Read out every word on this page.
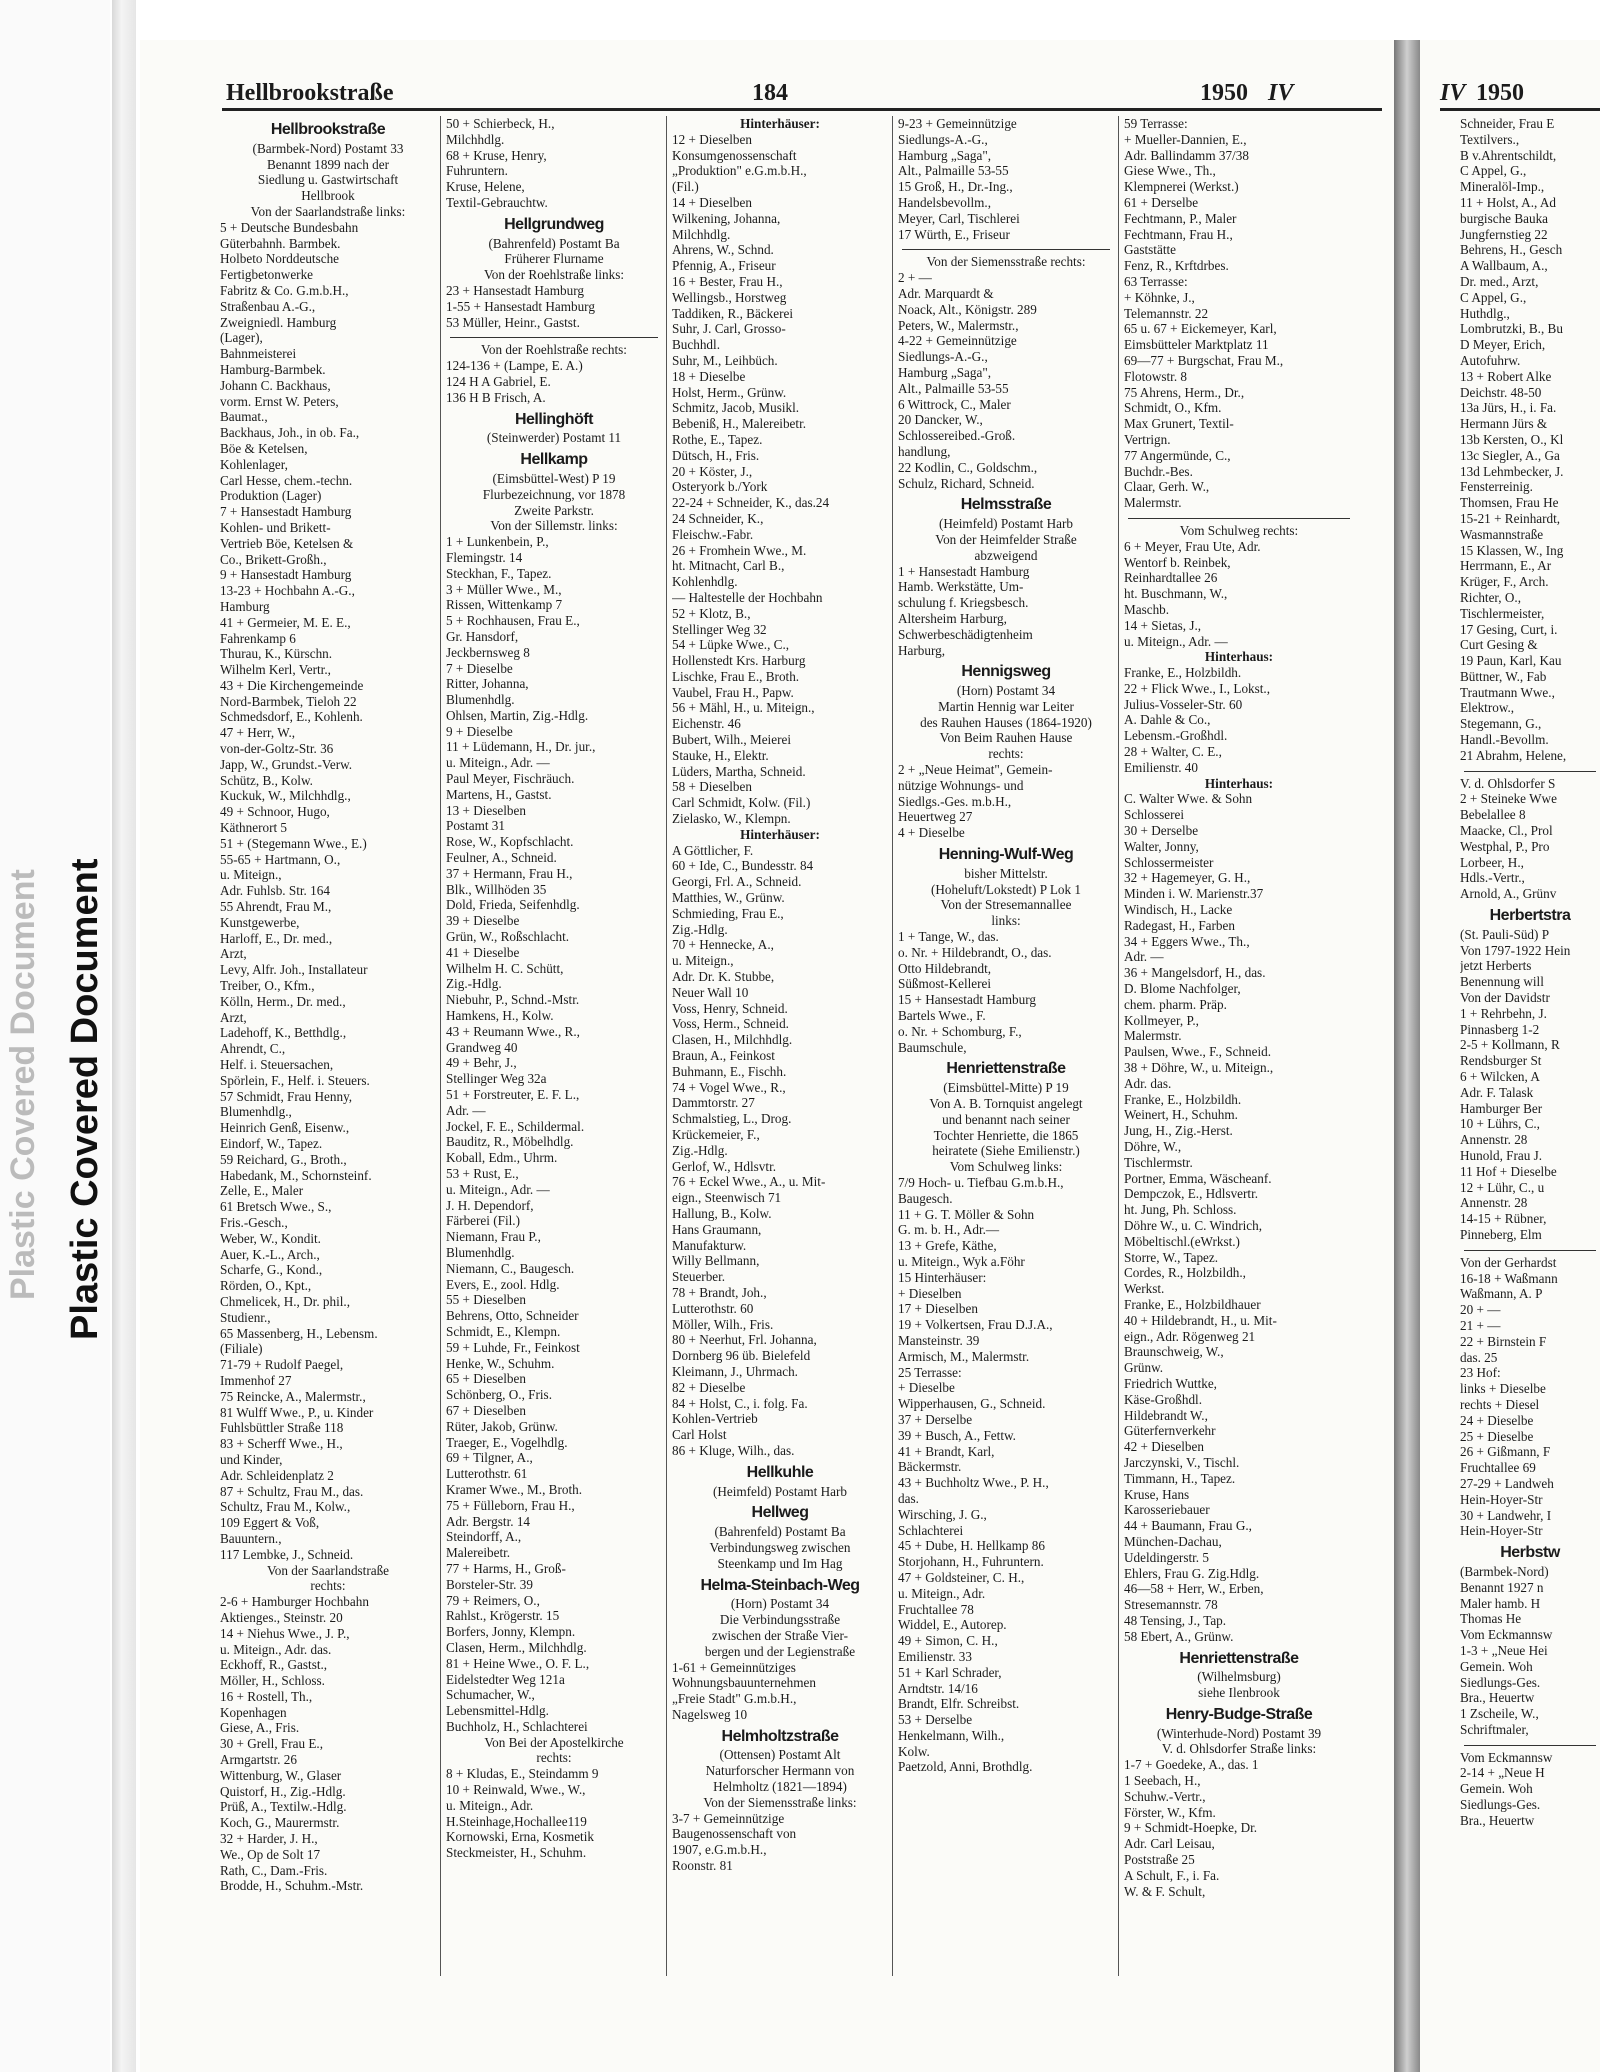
Plastic Covered Document Plastic Covered Document
Hellbrookstraße	184	1950 IV	IV 1950
Hellbrookstraße
(Barmbek-Nord) Postamt 33
Benannt 1899 nach der
Siedlung u. Gastwirtschaft
Hellbrook
Von der Saarlandstraße links:
5 + Deutsche Bundesbahn
Güterbahnh. Barmbek.
Holbeto Norddeutsche
Fertigbetonwerke
Fabritz & Co. G.m.b.H.,
Straßenbau A.-G.,
Zweigniedl. Hamburg
(Lager),
Bahnmeisterei
Hamburg-Barmbek.
Johann C. Backhaus,
vorm. Ernst W. Peters,
Baumat.,
Backhaus, Joh., in ob. Fa.,
Böe & Ketelsen,
Kohlenlager,
Carl Hesse, chem.-techn.
Produktion (Lager)
7 + Hansestadt Hamburg
Kohlen- und Brikett-
Vertrieb Böe, Ketelsen &
Co., Brikett-Großh.,
9 + Hansestadt Hamburg
13-23 + Hochbahn A.-G.,
Hamburg
41 + Germeier, M. E. E.,
Fahrenkamp 6
Thurau, K., Kürschn.
Wilhelm Kerl, Vertr.,
43 + Die Kirchengemeinde
Nord-Barmbek, Tieloh 22
Schmedsdorf, E., Kohlenh.
47 + Herr, W.,
von-der-Goltz-Str. 36
Japp, W., Grundst.-Verw.
Schütz, B., Kolw.
Kuckuk, W., Milchhdlg.,
49 + Schnoor, Hugo,
Käthnerort 5
51 + (Stegemann Wwe., E.)
55-65 + Hartmann, O.,
u. Miteign.,
Adr. Fuhlsb. Str. 164
55 Ahrendt, Frau M.,
Kunstgewerbe,
Harloff, E., Dr. med.,
Arzt,
Levy, Alfr. Joh., Installateur
Treiber, O., Kfm.,
Kölln, Herm., Dr. med.,
Arzt,
Ladehoff, K., Betthdlg.,
Ahrendt, C.,
Helf. i. Steuersachen,
Spörlein, F., Helf. i. Steuers.
57 Schmidt, Frau Henny,
Blumenhdlg.,
Heinrich Genß, Eisenw.,
Eindorf, W., Tapez.
59 Reichard, G., Broth.,
Habedank, M., Schornsteinf.
Zelle, E., Maler
61 Bretsch Wwe., S.,
Fris.-Gesch.,
Weber, W., Kondit.
Auer, K.-L., Arch.,
Scharfe, G., Kond.,
Rörden, O., Kpt.,
Chmelicek, H., Dr. phil.,
Studienr.,
65 Massenberg, H., Lebensm.
(Filiale)
71-79 + Rudolf Paegel,
Immenhof 27
75 Reincke, A., Malermstr.,
81 Wulff Wwe., P., u. Kinder
Fuhlsbüttler Straße 118
83 + Scherff Wwe., H.,
und Kinder,
Adr. Schleidenplatz 2
87 + Schultz, Frau M., das.
Schultz, Frau M., Kolw.,
109 Eggert & Voß,
Bauuntern.,
117 Lembke, J., Schneid.
Von der Saarlandstraße
rechts:
2-6 + Hamburger Hochbahn
Aktienges., Steinstr. 20
14 + Niehus Wwe., J. P.,
u. Miteign., Adr. das.
Eckhoff, R., Gastst.,
Möller, H., Schloss.
16 + Rostell, Th.,
Kopenhagen
Giese, A., Fris.
30 + Grell, Frau E.,
Armgartstr. 26
Wittenburg, W., Glaser
Quistorf, H., Zig.-Hdlg.
Prüß, A., Textilw.-Hdlg.
Koch, G., Maurermstr.
32 + Harder, J. H.,
We., Op de Solt 17
Rath, C., Dam.-Fris.
Brodde, H., Schuhm.-Mstr.
50 + Schierbeck, H.,
Milchhdlg.
68 + Kruse, Henry,
Fuhruntern.
Kruse, Helene,
Textil-Gebrauchtw.
Hellgrundweg
(Bahrenfeld) Postamt Ba
Früherer Flurname
Von der Roehlstraße links:
23 + Hansestadt Hamburg
1-55 + Hansestadt Hamburg
53 Müller, Heinr., Gastst.
Von der Roehlstraße rechts:
124-136 + (Lampe, E. A.)
124 H A Gabriel, E.
136 H B Frisch, A.
Hellinghöft
(Steinwerder) Postamt 11
Hellkamp
(Eimsbüttel-West) P 19
Flurbezeichnung, vor 1878
Zweite Parkstr.
Von der Sillemstr. links:
1 + Lunkenbein, P.,
Flemingstr. 14
Steckhan, F., Tapez.
3 + Müller Wwe., M.,
Rissen, Wittenkamp 7
5 + Rochhausen, Frau E.,
Gr. Hansdorf,
Jeckbernsweg 8
7 + Dieselbe
Ritter, Johanna,
Blumenhdlg.
Ohlsen, Martin, Zig.-Hdlg.
9 + Dieselbe
11 + Lüdemann, H., Dr. jur.,
u. Miteign., Adr. —
Paul Meyer, Fischräuch.
Martens, H., Gastst.
13 + Dieselben
Postamt 31
Rose, W., Kopfschlacht.
Feulner, A., Schneid.
37 + Hermann, Frau H.,
Blk., Willhöden 35
Dold, Frieda, Seifenhdlg.
39 + Dieselbe
Grün, W., Roßschlacht.
41 + Dieselbe
Wilhelm H. C. Schütt,
Zig.-Hdlg.
Niebuhr, P., Schnd.-Mstr.
Hamkens, H., Kolw.
43 + Reumann Wwe., R.,
Grandweg 40
49 + Behr, J.,
Stellinger Weg 32a
51 + Forstreuter, E. F. L.,
Adr. —
Jockel, F. E., Schildermal.
Bauditz, R., Möbelhdlg.
Koball, Edm., Uhrm.
53 + Rust, E.,
u. Miteign., Adr. —
J. H. Dependorf,
Färberei (Fil.)
Niemann, Frau P.,
Blumenhdlg.
Niemann, C., Baugesch.
Evers, E., zool. Hdlg.
55 + Dieselben
Behrens, Otto, Schneider
Schmidt, E., Klempn.
59 + Luhde, Fr., Feinkost
Henke, W., Schuhm.
65 + Dieselben
Schönberg, O., Fris.
67 + Dieselben
Rüter, Jakob, Grünw.
Traeger, E., Vogelhdlg.
69 + Tilgner, A.,
Lutterothstr. 61
Kramer Wwe., M., Broth.
75 + Fülleborn, Frau H.,
Adr. Bergstr. 14
Steindorff, A.,
Malereibetr.
77 + Harms, H., Groß-
Borsteler-Str. 39
79 + Reimers, O.,
Rahlst., Krögerstr. 15
Borfers, Jonny, Klempn.
Clasen, Herm., Milchhdlg.
81 + Heine Wwe., O. F. L.,
Eidelstedter Weg 121a
Schumacher, W.,
Lebensmittel-Hdlg.
Buchholz, H., Schlachterei
Von Bei der Apostelkirche
rechts:
8 + Kludas, E., Steindamm 9
10 + Reinwald, Wwe., W.,
u. Miteign., Adr.
H.Steinhage,Hochallee119
Kornowski, Erna, Kosmetik
Steckmeister, H., Schuhm.
Hinterhäuser:
12 + Dieselben
Konsumgenossenschaft
„Produktion" e.G.m.b.H.,
(Fil.)
14 + Dieselben
Wilkening, Johanna,
Milchhdlg.
Ahrens, W., Schnd.
Pfennig, A., Friseur
16 + Bester, Frau H.,
Wellingsb., Horstweg
Taddiken, R., Bäckerei
Suhr, J. Carl, Grosso-
Buchhdl.
Suhr, M., Leihbüch.
18 + Dieselbe
Holst, Herm., Grünw.
Schmitz, Jacob, Musikl.
Bebeniß, H., Malereibetr.
Rothe, E., Tapez.
Dütsch, H., Fris.
20 + Köster, J.,
Osteryork b./York
22-24 + Schneider, K., das.24
24 Schneider, K.,
Fleischw.-Fabr.
26 + Fromhein Wwe., M.
ht. Mitnacht, Carl B.,
Kohlenhdlg.
— Haltestelle der Hochbahn
52 + Klotz, B.,
Stellinger Weg 32
54 + Lüpke Wwe., C.,
Hollenstedt Krs. Harburg
Lischke, Frau E., Broth.
Vaubel, Frau H., Papw.
56 + Mähl, H., u. Miteign.,
Eichenstr. 46
Bubert, Wilh., Meierei
Stauke, H., Elektr.
Lüders, Martha, Schneid.
58 + Dieselben
Carl Schmidt, Kolw. (Fil.)
Zielasko, W., Klempn.
Hinterhäuser:
A Göttlicher, F.
60 + Ide, C., Bundesstr. 84
Georgi, Frl. A., Schneid.
Matthies, W., Grünw.
Schmieding, Frau E.,
Zig.-Hdlg.
70 + Hennecke, A.,
u. Miteign.,
Adr. Dr. K. Stubbe,
Neuer Wall 10
Voss, Henry, Schneid.
Voss, Herm., Schneid.
Clasen, H., Milchhdlg.
Braun, A., Feinkost
Buhmann, E., Fischh.
74 + Vogel Wwe., R.,
Dammtorstr. 27
Schmalstieg, L., Drog.
Krückemeier, F.,
Zig.-Hdlg.
Gerlof, W., Hdlsvtr.
76 + Eckel Wwe., A., u. Mit-
eign., Steenwisch 71
Hallung, B., Kolw.
Hans Graumann,
Manufakturw.
Willy Bellmann,
Steuerber.
78 + Brandt, Joh.,
Lutterothstr. 60
Möller, Wilh., Fris.
80 + Neerhut, Frl. Johanna,
Dornberg 96 üb. Bielefeld
Kleimann, J., Uhrmach.
82 + Dieselbe
84 + Holst, C., i. folg. Fa.
Kohlen-Vertrieb
Carl Holst
86 + Kluge, Wilh., das.
Hellkuhle
(Heimfeld) Postamt Harb
Hellweg
(Bahrenfeld) Postamt Ba
Verbindungsweg zwischen
Steenkamp und Im Hag
Helma-Steinbach-Weg
(Horn) Postamt 34
Die Verbindungsstraße
zwischen der Straße Vier-
bergen und der Legienstraße
1-61 + Gemeinnütziges
Wohnungsbauunternehmen
„Freie Stadt" G.m.b.H.,
Nagelsweg 10
Helmholtzstraße
(Ottensen) Postamt Alt
Naturforscher Hermann von
Helmholtz (1821—1894)
Von der Siemensstraße links:
3-7 + Gemeinnützige
Baugenossenschaft von
1907, e.G.m.b.H.,
Roonstr. 81
9-23 + Gemeinnützige
Siedlungs-A.-G.,
Hamburg „Saga",
Alt., Palmaille 53-55
15 Groß, H., Dr.-Ing.,
Handelsbevollm.,
Meyer, Carl, Tischlerei
17 Würth, E., Friseur
Von der Siemensstraße rechts:
2 + —
Adr. Marquardt &
Noack, Alt., Königstr. 289
Peters, W., Malermstr.,
4-22 + Gemeinnützige
Siedlungs-A.-G.,
Hamburg „Saga",
Alt., Palmaille 53-55
6 Wittrock, C., Maler
20 Dancker, W.,
Schlossereibed.-Groß.
handlung,
22 Kodlin, C., Goldschm.,
Schulz, Richard, Schneid.
Helmsstraße
(Heimfeld) Postamt Harb
Von der Heimfelder Straße
abzweigend
1 + Hansestadt Hamburg
Hamb. Werkstätte, Um-
schulung f. Kriegsbesch.
Altersheim Harburg,
Schwerbeschädigtenheim
Harburg,
Hennigsweg
(Horn) Postamt 34
Martin Hennig war Leiter
des Rauhen Hauses (1864-1920)
Von Beim Rauhen Hause
rechts:
2 + „Neue Heimat", Gemein-
nützige Wohnungs- und
Siedlgs.-Ges. m.b.H.,
Heuertweg 27
4 + Dieselbe
Henning-Wulf-Weg
bisher Mittelstr.
(Hoheluft/Lokstedt) P Lok 1
Von der Stresemannallee
links:
1 + Tange, W., das.
o. Nr. + Hildebrandt, O., das.
Otto Hildebrandt,
Süßmost-Kellerei
15 + Hansestadt Hamburg
Bartels Wwe., F.
o. Nr. + Schomburg, F.,
Baumschule,
Henriettenstraße
(Eimsbüttel-Mitte) P 19
Von A. B. Tornquist angelegt
und benannt nach seiner
Tochter Henriette, die 1865
heiratete (Siehe Emilienstr.)
Vom Schulweg links:
7/9 Hoch- u. Tiefbau G.m.b.H.,
Baugesch.
11 + G. T. Möller & Sohn
G. m. b. H., Adr.—
13 + Grefe, Käthe,
u. Miteign., Wyk a.Föhr
15 Hinterhäuser:
+ Dieselben
17 + Dieselben
19 + Volkertsen, Frau D.J.A.,
Mansteinstr. 39
Armisch, M., Malermstr.
25 Terrasse:
+ Dieselbe
Wipperhausen, G., Schneid.
37 + Derselbe
39 + Busch, A., Fettw.
41 + Brandt, Karl,
Bäckermstr.
43 + Buchholtz Wwe., P. H.,
das.
Wirsching, J. G.,
Schlachterei
45 + Dube, H. Hellkamp 86
Storjohann, H., Fuhruntern.
47 + Goldsteiner, C. H.,
u. Miteign., Adr.
Fruchtallee 78
Widdel, E., Autorep.
49 + Simon, C. H.,
Emilienstr. 33
51 + Karl Schrader,
Arndtstr. 14/16
Brandt, Elfr. Schreibst.
53 + Derselbe
Henkelmann, Wilh.,
Kolw.
Paetzold, Anni, Brothdlg.
59 Terrasse:
+ Mueller-Dannien, E.,
Adr. Ballindamm 37/38
Giese Wwe., Th.,
Klempnerei (Werkst.)
61 + Derselbe
Fechtmann, P., Maler
Fechtmann, Frau H.,
Gaststätte
Fenz, R., Krftdrbes.
63 Terrasse:
+ Köhnke, J.,
Telemannstr. 22
65 u. 67 + Eickemeyer, Karl,
Eimsbütteler Marktplatz 11
69—77 + Burgschat, Frau M.,
Flotowstr. 8
75 Ahrens, Herm., Dr.,
Schmidt, O., Kfm.
Max Grunert, Textil-
Vertrign.
77 Angermünde, C.,
Buchdr.-Bes.
Claar, Gerh. W.,
Malermstr.
Vom Schulweg rechts:
6 + Meyer, Frau Ute, Adr.
Wentorf b. Reinbek,
Reinhardtallee 26
ht. Buschmann, W.,
Maschb.
14 + Sietas, J.,
u. Miteign., Adr. —
Hinterhaus:
Franke, E., Holzbildh.
22 + Flick Wwe., I., Lokst.,
Julius-Vosseler-Str. 60
A. Dahle & Co.,
Lebensm.-Großhdl.
28 + Walter, C. E.,
Emilienstr. 40
Hinterhaus:
C. Walter Wwe. & Sohn
Schlosserei
30 + Derselbe
Walter, Jonny,
Schlossermeister
32 + Hagemeyer, G. H.,
Minden i. W. Marienstr.37
Windisch, H., Lacke
Radegast, H., Farben
34 + Eggers Wwe., Th.,
Adr. —
36 + Mangelsdorf, H., das.
D. Blome Nachfolger,
chem. pharm. Präp.
Kollmeyer, P.,
Malermstr.
Paulsen, Wwe., F., Schneid.
38 + Döhre, W., u. Miteign.,
Adr. das.
Franke, E., Holzbildh.
Weinert, H., Schuhm.
Jung, H., Zig.-Herst.
Döhre, W.,
Tischlermstr.
Portner, Emma, Wäscheanf.
Dempczok, E., Hdlsvertr.
ht. Jung, Ph. Schloss.
Döhre W., u. C. Windrich,
Möbeltischl.(eWrkst.)
Storre, W., Tapez.
Cordes, R., Holzbildh.,
Werkst.
Franke, E., Holzbildhauer
40 + Hildebrandt, H., u. Mit-
eign., Adr. Rögenweg 21
Braunschweig, W.,
Grünw.
Friedrich Wuttke,
Käse-Großhdl.
Hildebrandt W.,
Güterfernverkehr
42 + Dieselben
Jarczynski, V., Tischl.
Timmann, H., Tapez.
Kruse, Hans
Karosseriebauer
44 + Baumann, Frau G.,
München-Dachau,
Udeldingerstr. 5
Ehlers, Frau G. Zig.Hdlg.
46—58 + Herr, W., Erben,
Stresemannstr. 78
48 Tensing, J., Tap.
58 Ebert, A., Grünw.
Henriettenstraße
(Wilhelmsburg)
siehe Ilenbrook
Henry-Budge-Straße
(Winterhude-Nord) Postamt 39
V. d. Ohlsdorfer Straße links:
1-7 + Goedeke, A., das. 1
1 Seebach, H.,
Schuhw.-Vertr.,
Förster, W., Kfm.
9 + Schmidt-Hoepke, Dr.
Adr. Carl Leisau,
Poststraße 25
A Schult, F., i. Fa.
W. & F. Schult,
Schneider, Frau E
Textilvers.,
B v.Ahrentschildt,
C Appel, G.,
Mineralöl-Imp.,
11 + Holst, A., Ad
burgische Bauka
Jungfernstieg 22
Behrens, H., Gesch
A Wallbaum, A.,
Dr. med., Arzt,
C Appel, G.,
Huthdlg.,
Lombrutzki, B., Bu
D Meyer, Erich,
Autofuhrw.
13 + Robert Alke
Deichstr. 48-50
13a Jürs, H., i. Fa.
Hermann Jürs &
13b Kersten, O., Kl
13c Siegler, A., Ga
13d Lehmbecker, J.
Fensterreinig.
Thomsen, Frau He
15-21 + Reinhardt,
Wasmannstraße
15 Klassen, W., Ing
Herrmann, E., Ar
Krüger, F., Arch.
Richter, O.,
Tischlermeister,
17 Gesing, Curt, i.
Curt Gesing &
19 Paun, Karl, Kau
Büttner, W., Fab
Trautmann Wwe.,
Elektrow.,
Stegemann, G.,
Handl.-Bevollm.
21 Abrahm, Helene,
V. d. Ohlsdorfer S
2 + Steineke Wwe
Bebelallee 8
Maacke, Cl., Prol
Westphal, P., Pro
Lorbeer, H.,
Hdls.-Vertr.,
Arnold, A., Grünv
Herbertstra
(St. Pauli-Süd) P
Von 1797-1922 Hein
jetzt Herberts
Benennung will
Von der Davidstr
1 + Rehrbehn, J.
Pinnasberg 1-2
2-5 + Kollmann, R
Rendsburger St
6 + Wilcken, A
Adr. F. Talask
Hamburger Ber
10 + Lührs, C.,
Annenstr. 28
Hunold, Frau J.
11 Hof + Dieselbe
12 + Lühr, C., u
Annenstr. 28
14-15 + Rübner,
Pinneberg, Elm
Von der Gerhardst
16-18 + Waßmann
Waßmann, A. P
20 + —
21 + —
22 + Birnstein F
das. 25
23 Hof:
links + Dieselbe
rechts + Diesel
24 + Dieselbe
25 + Dieselbe
26 + Gißmann, F
Fruchtallee 69
27-29 + Landweh
Hein-Hoyer-Str
30 + Landwehr, I
Hein-Hoyer-Str
Herbstw
(Barmbek-Nord)
Benannt 1927 n
Maler hamb. H
Thomas He
Vom Eckmannsw
1-3 + „Neue Hei
Gemein. Woh
Siedlungs-Ges.
Bra., Heuertw
1 Zscheile, W.,
Schriftmaler,
Vom Eckmannsw
2-14 + „Neue H
Gemein. Woh
Siedlungs-Ges.
Bra., Heuertw
